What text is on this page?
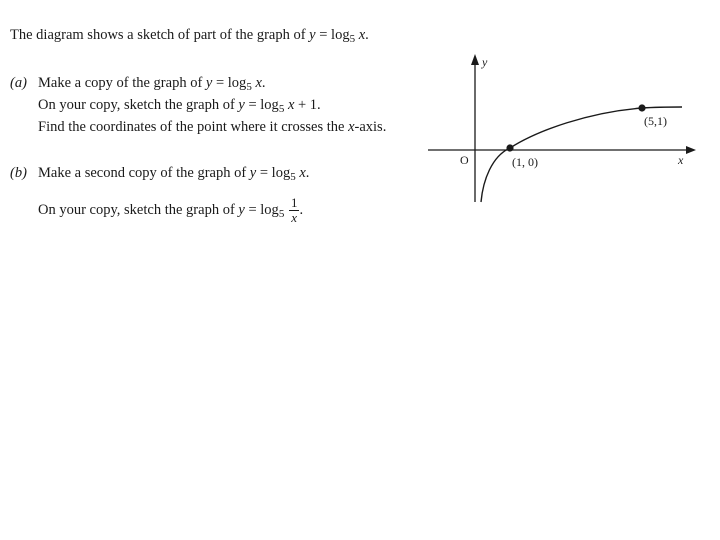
The diagram shows a sketch of part of the graph of $y = \log_5 x$.
(a) Make a copy of the graph of $y = \log_5 x$.
On your copy, sketch the graph of $y = \log_5 x + 1$.
Find the coordinates of the point where it crosses the x-axis.
(b) Make a second copy of the graph of $y = \log_5 x$.
On your copy, sketch the graph of $y = \log_5 \frac{1}{x}$ .
y
x
O	(1, 0)
(5,1)
